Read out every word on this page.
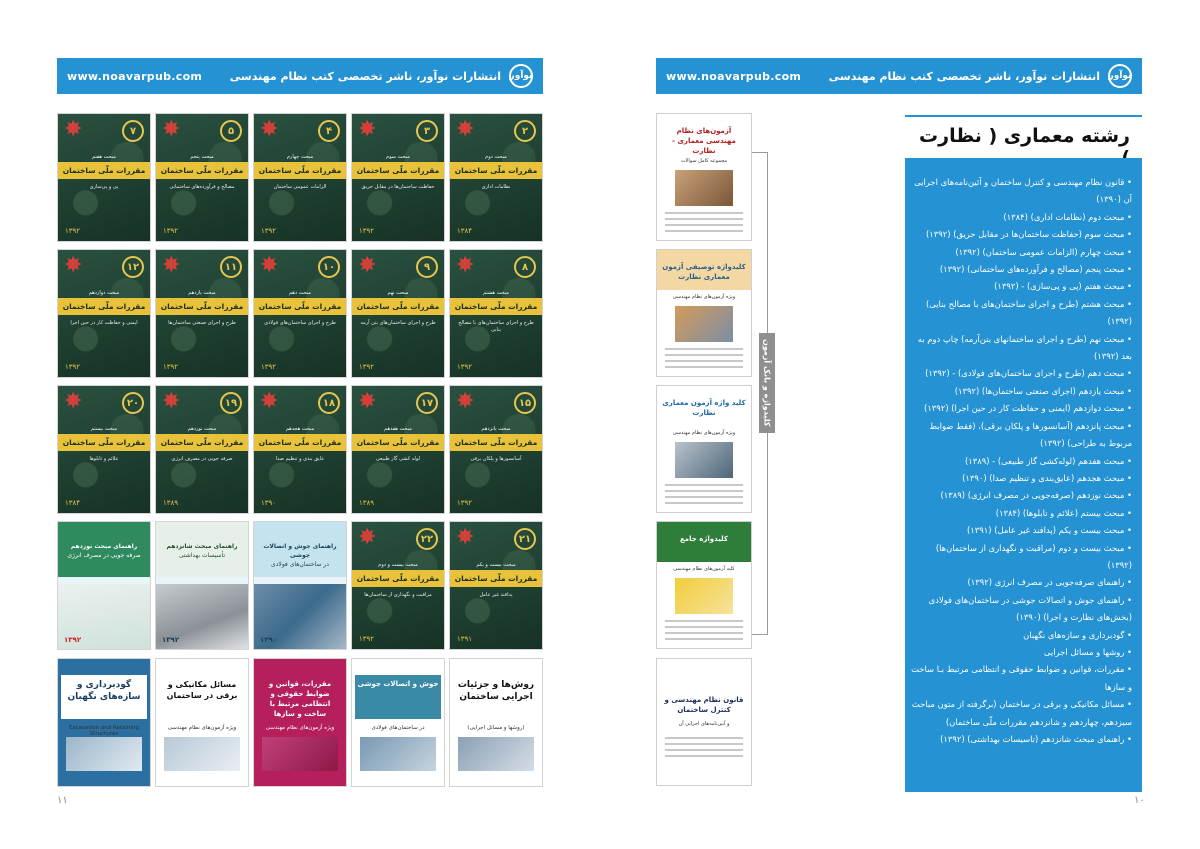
www.noavarpub.com	نوآور
انتشارات نوآور، ناشر تخصصی کتب نظام مهندسی	www.noavarpub.com	نوآور
انتشارات نوآور، ناشر تخصصی کتب نظام مهندسی
✸	۲
مبحث دوم
مقررات ملّی ساختمان
نظامات اداری
۱۳۸۴
✸	۳
مبحث سوم
مقررات ملّی ساختمان
حفاظت ساختمان‌ها در مقابل حریق
۱۳۹۲
✸	۴
مبحث چهارم
مقررات ملّی ساختمان
الزامات عمومی ساختمان
۱۳۹۲
✸	۵
مبحث پنجم
مقررات ملّی ساختمان
مصالح و فرآورده‌های ساختمانی
۱۳۹۲
✸	۷
مبحث هفتم
مقررات ملّی ساختمان
پی و پی‌سازی
۱۳۹۲
✸	۸
مبحث هشتم
مقررات ملّی ساختمان
طرح و اجرای ساختمان‌های با مصالح بنایی
۱۳۹۲
✸	۹
مبحث نهم
مقررات ملّی ساختمان
طرح و اجرای ساختمان‌های بتن آرمه
۱۳۹۲
✸	۱۰
مبحث دهم
مقررات ملّی ساختمان
طرح و اجرای ساختمان‌های فولادی
۱۳۹۲
✸	۱۱
مبحث یازدهم
مقررات ملّی ساختمان
طرح و اجرای صنعتی ساختمان‌ها
۱۳۹۲
✸	۱۲
مبحث دوازدهم
مقررات ملّی ساختمان
ایمنی و حفاظت کار در حین اجرا
۱۳۹۲
✸	۱۵
مبحث پانزدهم
مقررات ملّی ساختمان
آسانسورها و پلکان برقی
۱۳۹۲
✸	۱۷
مبحث هفدهم
مقررات ملّی ساختمان
لوله کشی گاز طبیعی
۱۳۸۹
✸	۱۸
مبحث هجدهم
مقررات ملّی ساختمان
عایق بندی و تنظیم صدا
۱۳۹۰
✸	۱۹
مبحث نوزدهم
مقررات ملّی ساختمان
صرفه جویی در مصرف انرژی
۱۳۸۹
✸	۲۰
مبحث بیستم
مقررات ملّی ساختمان
علائم و تابلوها
۱۳۸۴
✸	۲۱
مبحث بیست و یکم
مقررات ملّی ساختمان
پدافند غیر عامل
۱۳۹۱
✸	۲۲
مبحث بیست و دوم
مقررات ملّی ساختمان
مراقبت و نگهداری از ساختمان‌ها
۱۳۹۲
راهنمای جوش و اتصالات جوشی
در ساختمان‌های فولادی
۱۳۹۰
راهنمای مبحث شانزدهم
تأسیسات بهداشتی
۱۳۹۲
راهنمای مبحث نوزدهم
صرفه جویی در مصرف انرژی
۱۳۹۲
روش‌ها و جزئیات اجرایی ساختمان
(روشها و مسائل اجرایی)
جوش و اتصالات جوشی
در ساختمان‌های فولادی
مقررات، قوانین و ضوابط حقوقی و انتظامی مرتبط با ساخت و سازها
ویژه آزمون‌های نظام مهندسی
مسائل مکانیکی و برقی در ساختمان
ویژه آزمون‌های نظام مهندسی
گودبرداری و سازه‌های نگهبان
Excavation and Retaining Structures
۱۱	۱۰
آزمون‌های نظام مهندسی معماری - نظارت
مجموعه کامل سوالات
کلیدواژه توصیفی آزمون معماری نظارت
ویژه آزمون‌های نظام مهندسی
کلید واژه آزمون معماری نظارت
ویژه آزمون‌های نظام مهندسی
کلیدواژه جامع
کلیه آزمون‌های نظام مهندسی
قانون نظام مهندسی و کنترل ساختمان
و آیین‌نامه‌های اجرایی آن
کلیدواژه و بانک آزمون
رشته معماری ( نظارت
• قانون نظام مهندسی و کنترل ساختمان و آئین‌نامه‌های اجرایی آن (۱۳۹۰)
• مبحث دوم (نظامات اداری) (۱۳۸۴)
• مبحث سوم (حفاظت ساختمان‌ها در مقابل حریق) (۱۳۹۲)
• مبحث چهارم (الزامات عمومی ساختمان) (۱۳۹۲)
• مبحث پنجم (مصالح و فرآورده‌های ساختمانی) (۱۳۹۲)
• مبحث هفتم (پی و پی‌سازی) - (۱۳۹۲)
• مبحث هشتم (طرح و اجرای ساختمان‌های با مصالح بنایی) (۱۳۹۲)
• مبحث نهم (طرح و اجرای ساختمانهای بتن‌آرمه) چاپ دوم به بعد (۱۳۹۲)
• مبحث دهم (طرح و اجرای ساختمان‌های فولادی) - (۱۳۹۲)
• مبحث یازدهم (اجرای صنعتی ساختمان‌ها) (۱۳۹۲)
• مبحث دوازدهم (ایمنی و حفاظت کار در حین اجرا) (۱۳۹۲)
• مبحث پانزدهم (آسانسورها و پلکان برقی)، (فقط ضوابط مربوط به طراحی) (۱۳۹۲)
• مبحث هفدهم (لوله‌کشی گاز طبیعی) - (۱۳۸۹)
• مبحث هجدهم (عایق‌بندی و تنظیم صدا) (۱۳۹۰)
• مبحث نوزدهم (صرفه‌جویی در مصرف انرژی) (۱۳۸۹)
• مبحث بیستم (علائم و تابلوها) (۱۳۸۴)
• مبحث بیست و یکم (پدافند غیر عامل) (۱۳۹۱)
• مبحث بیست و دوم (مراقبت و نگهداری از ساختمان‌ها) (۱۳۹۲)
• راهنمای صرفه‌جویی در مصرف انرژی (۱۳۹۲)
• راهنمای جوش و اتصالات جوشی در ساختمان‌های فولادی (بخش‌های نظارت و اجرا) (۱۳۹۰)
• گودبرداری و سازه‌های نگهبان
• روشها و مسائل اجرایی
• مقررات، قوانین و ضوابط حقوقی و انتظامی مرتبط بـا ساخت و سازها
• مسائل مکانیکی و برقی در ساختمان (برگرفته از متون مباحث سیزدهم، چهاردهم و شانزدهم مقررات ملّی ساختمان)
• راهنمای مبحث شانزدهم (تاسیسات بهداشتی) (۱۳۹۲)
